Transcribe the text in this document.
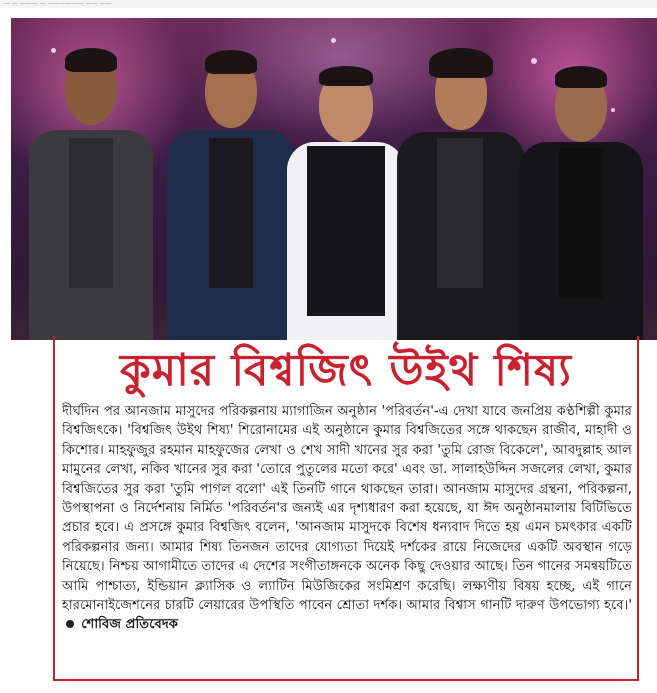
— — ——— — —————— —— ——
কুমার বিশ্বজিৎ উইথ শিষ্য
দীর্ঘদিন পর আনজাম মাসুদের পরিকল্পনায় ম্যাগাজিন অনুষ্ঠান 'পরিবর্তন'-এ দেখা যাবে জনপ্রিয় কণ্ঠশিল্পী কুমার বিশ্বজিৎকে। 'বিশ্বজিৎ উইথ শিষ্য' শিরোনামের এই অনুষ্ঠানে কুমার বিশ্বজিতের সঙ্গে থাকছেন রাজীব, মাহাদী ও কিশোর। মাহফুজুর রহমান মাহফুজের লেখা ও শেখ সাদী খানের সুর করা 'তুমি রোজ বিকেলে', আবদুল্লাহ আল মামুনের লেখা, নকিব খানের সুর করা 'তোরে পুতুলের মতো করে' এবং ডা. সালাহউদ্দিন সজলের লেখা, কুমার বিশ্বজিতের সুর করা 'তুমি পাগল বলো' এই তিনটি গানে থাকছেন তারা। আনজাম মাসুদের গ্রন্থনা, পরিকল্পনা, উপস্থাপনা ও নির্দেশনায় নির্মিত 'পরিবর্তন'র জন্যই এর দৃশ্যধারণ করা হয়েছে, যা ঈদ অনুষ্ঠানমালায় বিটিভিতে প্রচার হবে। এ প্রসঙ্গে কুমার বিশ্বজিৎ বলেন, 'আনজাম মাসুদকে বিশেষ ধন্যবাদ দিতে হয় এমন চমৎকার একটি পরিকল্পনার জন্য। আমার শিষ্য তিনজন তাদের যোগ্যতা দিয়েই দর্শকের রায়ে নিজেদের একটি অবস্থান গড়ে নিয়েছে। নিশ্চয় আগামীতে তাদের এ দেশের সংগীতাঙ্গনকে অনেক কিছু দেওয়ার আছে। তিন গানের সমন্বয়টিতে আমি পাশ্চাত্য, ইন্ডিয়ান ক্ল্যাসিক ও ল্যাটিন মিউজিকের সংমিশ্রণ করেছি। লক্ষ্যণীয় বিষয় হচ্ছে, এই গানে হারমোনাইজেশনের চারটি লেয়ারের উপস্থিতি পাবেন শ্রোতা দর্শক। আমার বিশ্বাস গানটি দারুণ উপভোগ্য হবে।'  শোবিজ প্রতিবেদক
